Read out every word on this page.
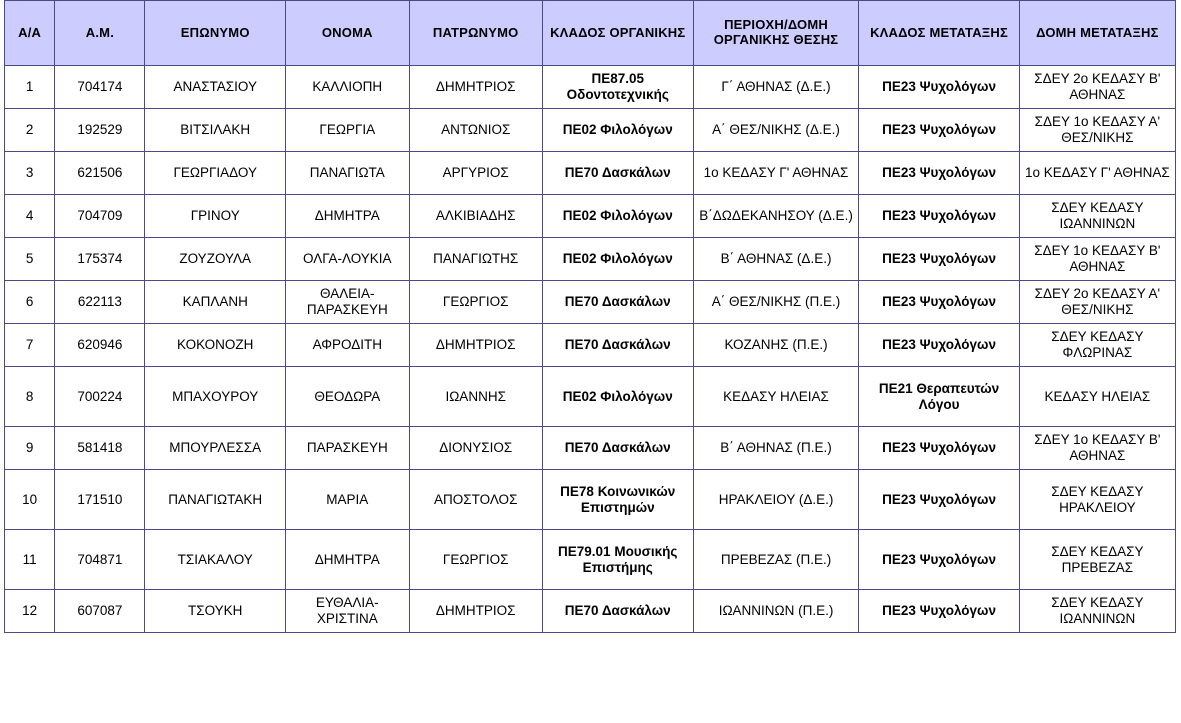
Α/Α	Α.Μ.	ΕΠΩΝΥΜΟ	ΟΝΟΜΑ	ΠΑΤΡΩΝΥΜΟ	ΚΛΑΔΟΣ ΟΡΓΑΝΙΚΗΣ	ΠΕΡΙΟΧΗ/ΔΟΜΗ ΟΡΓΑΝΙΚΗΣ ΘΕΣΗΣ	ΚΛΑΔΟΣ ΜΕΤΑΤΑΞΗΣ	ΔΟΜΗ ΜΕΤΑΤΑΞΗΣ
1	704174	ΑΝΑΣΤΑΣΙΟΥ	ΚΑΛΛΙΟΠΗ	ΔΗΜΗΤΡΙΟΣ	ΠΕ87.05 Οδοντοτεχνικής	Γ΄ ΑΘΗΝΑΣ (Δ.Ε.)	ΠΕ23 Ψυχολόγων	ΣΔΕΥ 2ο ΚΕΔΑΣΥ Β' ΑΘΗΝΑΣ
2	192529	ΒΙΤΣΙΛΑΚΗ	ΓΕΩΡΓΙΑ	ΑΝΤΩΝΙΟΣ	ΠΕ02 Φιλολόγων	Α΄ ΘΕΣ/ΝΙΚΗΣ (Δ.Ε.)	ΠΕ23 Ψυχολόγων	ΣΔΕΥ 1ο ΚΕΔΑΣΥ Α' ΘΕΣ/ΝΙΚΗΣ
3	621506	ΓΕΩΡΓΙΑΔΟΥ	ΠΑΝΑΓΙΩΤΑ	ΑΡΓΥΡΙΟΣ	ΠΕ70 Δασκάλων	1ο ΚΕΔΑΣΥ Γ' ΑΘΗΝΑΣ	ΠΕ23 Ψυχολόγων	1ο ΚΕΔΑΣΥ Γ' ΑΘΗΝΑΣ
4	704709	ΓΡΙΝΟΥ	ΔΗΜΗΤΡΑ	ΑΛΚΙΒΙΑΔΗΣ	ΠΕ02 Φιλολόγων	Β΄ΔΩΔΕΚΑΝΗΣΟΥ (Δ.Ε.)	ΠΕ23 Ψυχολόγων	ΣΔΕΥ ΚΕΔΑΣΥ ΙΩΑΝΝΙΝΩΝ
5	175374	ΖΟΥΖΟΥΛΑ	ΟΛΓΑ-ΛΟΥΚΙΑ	ΠΑΝΑΓΙΩΤΗΣ	ΠΕ02 Φιλολόγων	Β΄ ΑΘΗΝΑΣ (Δ.Ε.)	ΠΕ23 Ψυχολόγων	ΣΔΕΥ 1ο ΚΕΔΑΣΥ Β' ΑΘΗΝΑΣ
6	622113	ΚΑΠΛΑΝΗ	ΘΑΛΕΙΑ-ΠΑΡΑΣΚΕΥΗ	ΓΕΩΡΓΙΟΣ	ΠΕ70 Δασκάλων	Α΄ ΘΕΣ/ΝΙΚΗΣ (Π.Ε.)	ΠΕ23 Ψυχολόγων	ΣΔΕΥ 2ο ΚΕΔΑΣΥ Α' ΘΕΣ/ΝΙΚΗΣ
7	620946	ΚΟΚΟΝΟΖΗ	ΑΦΡΟΔΙΤΗ	ΔΗΜΗΤΡΙΟΣ	ΠΕ70 Δασκάλων	ΚΟΖΑΝΗΣ (Π.Ε.)	ΠΕ23 Ψυχολόγων	ΣΔΕΥ ΚΕΔΑΣΥ ΦΛΩΡΙΝΑΣ
8	700224	ΜΠΑΧΟΥΡΟΥ	ΘΕΟΔΩΡΑ	ΙΩΑΝΝΗΣ	ΠΕ02 Φιλολόγων	ΚΕΔΑΣΥ ΗΛΕΙΑΣ	ΠΕ21 Θεραπευτών Λόγου	ΚΕΔΑΣΥ ΗΛΕΙΑΣ
9	581418	ΜΠΟΥΡΛΕΣΣΑ	ΠΑΡΑΣΚΕΥΗ	ΔΙΟΝΥΣΙΟΣ	ΠΕ70 Δασκάλων	Β΄ ΑΘΗΝΑΣ (Π.Ε.)	ΠΕ23 Ψυχολόγων	ΣΔΕΥ 1ο ΚΕΔΑΣΥ Β' ΑΘΗΝΑΣ
10	171510	ΠΑΝΑΓΙΩΤΑΚΗ	ΜΑΡΙΑ	ΑΠΟΣΤΟΛΟΣ	ΠΕ78 Κοινωνικών Επιστημών	ΗΡΑΚΛΕΙΟΥ (Δ.Ε.)	ΠΕ23 Ψυχολόγων	ΣΔΕΥ ΚΕΔΑΣΥ ΗΡΑΚΛΕΙΟΥ
11	704871	ΤΣΙΑΚΑΛΟΥ	ΔΗΜΗΤΡΑ	ΓΕΩΡΓΙΟΣ	ΠΕ79.01 Μουσικής Επιστήμης	ΠΡΕΒΕΖΑΣ (Π.Ε.)	ΠΕ23 Ψυχολόγων	ΣΔΕΥ ΚΕΔΑΣΥ ΠΡΕΒΕΖΑΣ
12	607087	ΤΣΟΥΚΗ	ΕΥΘΑΛΙΑ-ΧΡΙΣΤΙΝΑ	ΔΗΜΗΤΡΙΟΣ	ΠΕ70 Δασκάλων	ΙΩΑΝΝΙΝΩΝ (Π.Ε.)	ΠΕ23 Ψυχολόγων	ΣΔΕΥ ΚΕΔΑΣΥ ΙΩΑΝΝΙΝΩΝ
